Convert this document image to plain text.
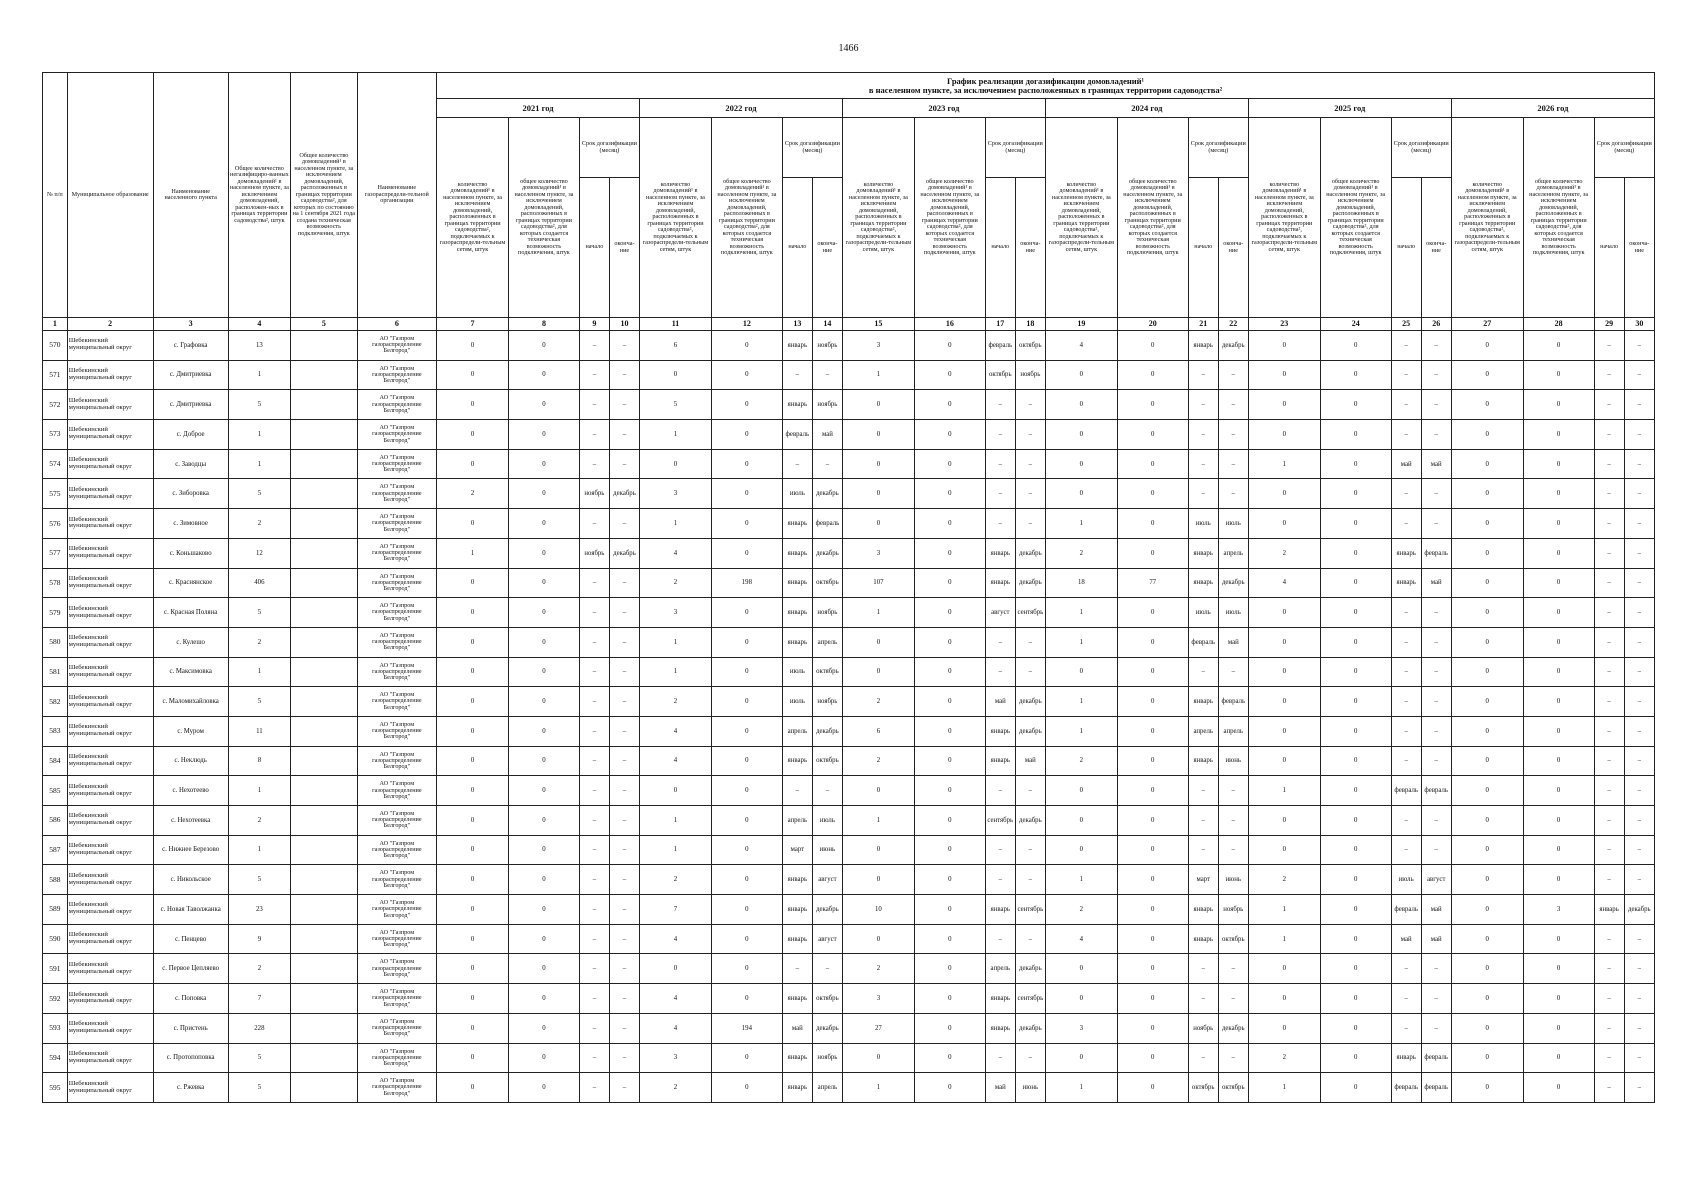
1466
№ п/п	Муниципальное образование	Наименование населенного пункта	Общее количество негазифициро-ванных домовладений¹ в населенном пункте, за исключением домовладений, расположен-ных в границах территории садоводства², штук	Общее количество домовладений¹ в населенном пункте, за исключением домовладений, расположенных в границах территории садоводства², для которых по состоянию на 1 сентября 2021 года создана техническая возможность подключения, штук	Наименование газораспредели-тельной организации	График реализации догазификации домовладений¹
в населенном пункте, за исключением расположенных в границах территории садоводства²																							

						2021 год				2022 год				2023 год				2024 год				2025 год				2026 год			
						количество домовладений¹ в населенном пункте, за исключением домовладений, расположенных в границах территории садоводства², подключаемых к газораспредели-тельным сетям, штук	общее количество домовладений¹ в населенном пункте, за исключением домовладений, расположенных в границах территории садоводства², для которых создается техническая возможность подключения, штук	Срок догазификации (месяц)		количество домовладений¹ в населенном пункте, за исключением домовладений, расположенных в границах территории садоводства², подключаемых к газораспредели-тельным сетям, штук	общее количество домовладений¹ в населенном пункте, за исключением домовладений, расположенных в границах территории садоводства², для которых создается техническая возможность подключения, штук	Срок догазификации (месяц)		количество домовладений¹ в населенном пункте, за исключением домовладений, расположенных в границах территории садоводства², подключаемых к газораспредели-тельным сетям, штук	общее количество домовладений¹ в населенном пункте, за исключением домовладений, расположенных в границах территории садоводства², для которых создается техническая возможность подключения, штук	Срок догазификации (месяц)		количество домовладений¹ в населенном пункте, за исключением домовладений, расположенных в границах территории садоводства², подключаемых к газораспредели-тельным сетям, штук	общее количество домовладений¹ в населенном пункте, за исключением домовладений, расположенных в границах территории садоводства², для которых создается техническая возможность подключения, штук	Срок догазификации (месяц)		количество домовладений¹ в населенном пункте, за исключением домовладений, расположенных в границах территории садоводства², подключаемых к газораспредели-тельным сетям, штук	общее количество домовладений¹ в населенном пункте, за исключением домовладений, расположенных в границах территории садоводства², для которых создается техническая возможность подключения, штук	Срок догазификации (месяц)		количество домовладений¹ в населенном пункте, за исключением домовладений, расположенных в границах территории садоводства², подключаемых к газораспредели-тельным сетям, штук	общее количество домовладений¹ в населенном пункте, за исключением домовладений, расположенных в границах территории садоводства², для которых создается техническая возможность подключения, штук	Срок догазификации (месяц)	
								начало	оконча-ние			начало	оконча-ние			начало	оконча-ние			начало	оконча-ние			начало	оконча-ние			начало	оконча-ние
1	2	3	4	5	6	7	8	9	10	11	12	13	14	15	16	17	18	19	20	21	22	23	24	25	26	27	28	29	30
570	Шебекинский муниципальный округ	с. Графовка	13		АО "Газпром газораспределение Белгород"	0	0	–	–	6	0	январь	ноябрь	3	0	февраль	октябрь	4	0	январь	декабрь	0	0	–	–	0	0	–	–
571	Шебекинский муниципальный округ	с. Дмитриевка	1		АО "Газпром газораспределение Белгород"	0	0	–	–	0	0	–	–	1	0	октябрь	ноябрь	0	0	–	–	0	0	–	–	0	0	–	–
572	Шебекинский муниципальный округ	с. Дмитриевка	5		АО "Газпром газораспределение Белгород"	0	0	–	–	5	0	январь	ноябрь	0	0	–	–	0	0	–	–	0	0	–	–	0	0	–	–
573	Шебекинский муниципальный округ	с. Доброе	1		АО "Газпром газораспределение Белгород"	0	0	–	–	1	0	февраль	май	0	0	–	–	0	0	–	–	0	0	–	–	0	0	–	–
574	Шебекинский муниципальный округ	с. Заводцы	1		АО "Газпром газораспределение Белгород"	0	0	–	–	0	0	–	–	0	0	–	–	0	0	–	–	1	0	май	май	0	0	–	–
575	Шебекинский муниципальный округ	с. Зиборовка	5		АО "Газпром газораспределение Белгород"	2	0	ноябрь	декабрь	3	0	июль	декабрь	0	0	–	–	0	0	–	–	0	0	–	–	0	0	–	–
576	Шебекинский муниципальный округ	с. Зимовное	2		АО "Газпром газораспределение Белгород"	0	0	–	–	1	0	январь	февраль	0	0	–	–	1	0	июль	июль	0	0	–	–	0	0	–	–
577	Шебекинский муниципальный округ	с. Коньшаково	12		АО "Газпром газораспределение Белгород"	1	0	ноябрь	декабрь	4	0	январь	декабрь	3	0	январь	декабрь	2	0	январь	апрель	2	0	январь	февраль	0	0	–	–
578	Шебекинский муниципальный округ	с. Краснянское	406		АО "Газпром газораспределение Белгород"	0	0	–	–	2	198	январь	октябрь	107	0	январь	декабрь	18	77	январь	декабрь	4	0	январь	май	0	0	–	–
579	Шебекинский муниципальный округ	с. Красная Поляна	5		АО "Газпром газораспределение Белгород"	0	0	–	–	3	0	январь	ноябрь	1	0	август	сентябрь	1	0	июль	июль	0	0	–	–	0	0	–	–
580	Шебекинский муниципальный округ	с. Кулешо	2		АО "Газпром газораспределение Белгород"	0	0	–	–	1	0	январь	апрель	0	0	–	–	1	0	февраль	май	0	0	–	–	0	0	–	–
581	Шебекинский муниципальный округ	с. Максимовка	1		АО "Газпром газораспределение Белгород"	0	0	–	–	1	0	июль	октябрь	0	0	–	–	0	0	–	–	0	0	–	–	0	0	–	–
582	Шебекинский муниципальный округ	с. Маломихайловка	5		АО "Газпром газораспределение Белгород"	0	0	–	–	2	0	июль	ноябрь	2	0	май	декабрь	1	0	январь	февраль	0	0	–	–	0	0	–	–
583	Шебекинский муниципальный округ	с. Муром	11		АО "Газпром газораспределение Белгород"	0	0	–	–	4	0	апрель	декабрь	6	0	январь	декабрь	1	0	апрель	апрель	0	0	–	–	0	0	–	–
584	Шебекинский муниципальный округ	с. Неклюдь	8		АО "Газпром газораспределение Белгород"	0	0	–	–	4	0	январь	октябрь	2	0	январь	май	2	0	январь	июнь	0	0	–	–	0	0	–	–
585	Шебекинский муниципальный округ	с. Нехотеево	1		АО "Газпром газораспределение Белгород"	0	0	–	–	0	0	–	–	0	0	–	–	0	0	–	–	1	0	февраль	февраль	0	0	–	–
586	Шебекинский муниципальный округ	с. Нехотеевка	2		АО "Газпром газораспределение Белгород"	0	0	–	–	1	0	апрель	июль	1	0	сентябрь	декабрь	0	0	–	–	0	0	–	–	0	0	–	–
587	Шебекинский муниципальный округ	с. Нижнее Березово	1		АО "Газпром газораспределение Белгород"	0	0	–	–	1	0	март	июнь	0	0	–	–	0	0	–	–	0	0	–	–	0	0	–	–
588	Шебекинский муниципальный округ	с. Никольское	5		АО "Газпром газораспределение Белгород"	0	0	–	–	2	0	январь	август	0	0	–	–	1	0	март	июнь	2	0	июль	август	0	0	–	–
589	Шебекинский муниципальный округ	с. Новая Таволжанка	23		АО "Газпром газораспределение Белгород"	0	0	–	–	7	0	январь	декабрь	10	0	январь	сентябрь	2	0	январь	ноябрь	1	0	февраль	май	0	3	январь	декабрь
590	Шебекинский муниципальный округ	с. Пенцево	9		АО "Газпром газораспределение Белгород"	0	0	–	–	4	0	январь	август	0	0	–	–	4	0	январь	октябрь	1	0	май	май	0	0	–	–
591	Шебекинский муниципальный округ	с. Первое Цепляево	2		АО "Газпром газораспределение Белгород"	0	0	–	–	0	0	–	–	2	0	апрель	декабрь	0	0	–	–	0	0	–	–	0	0	–	–
592	Шебекинский муниципальный округ	с. Поповка	7		АО "Газпром газораспределение Белгород"	0	0	–	–	4	0	январь	октябрь	3	0	январь	сентябрь	0	0	–	–	0	0	–	–	0	0	–	–
593	Шебекинский муниципальный округ	с. Пристень	228		АО "Газпром газораспределение Белгород"	0	0	–	–	4	194	май	декабрь	27	0	январь	декабрь	3	0	ноябрь	декабрь	0	0	–	–	0	0	–	–
594	Шебекинский муниципальный округ	с. Протопоповка	5		АО "Газпром газораспределение Белгород"	0	0	–	–	3	0	январь	ноябрь	0	0	–	–	0	0	–	–	2	0	январь	февраль	0	0	–	–
595	Шебекинский муниципальный округ	с. Ржевка	5		АО "Газпром газораспределение Белгород"	0	0	–	–	2	0	январь	апрель	1	0	май	июнь	1	0	октябрь	октябрь	1	0	февраль	февраль	0	0	–	–
